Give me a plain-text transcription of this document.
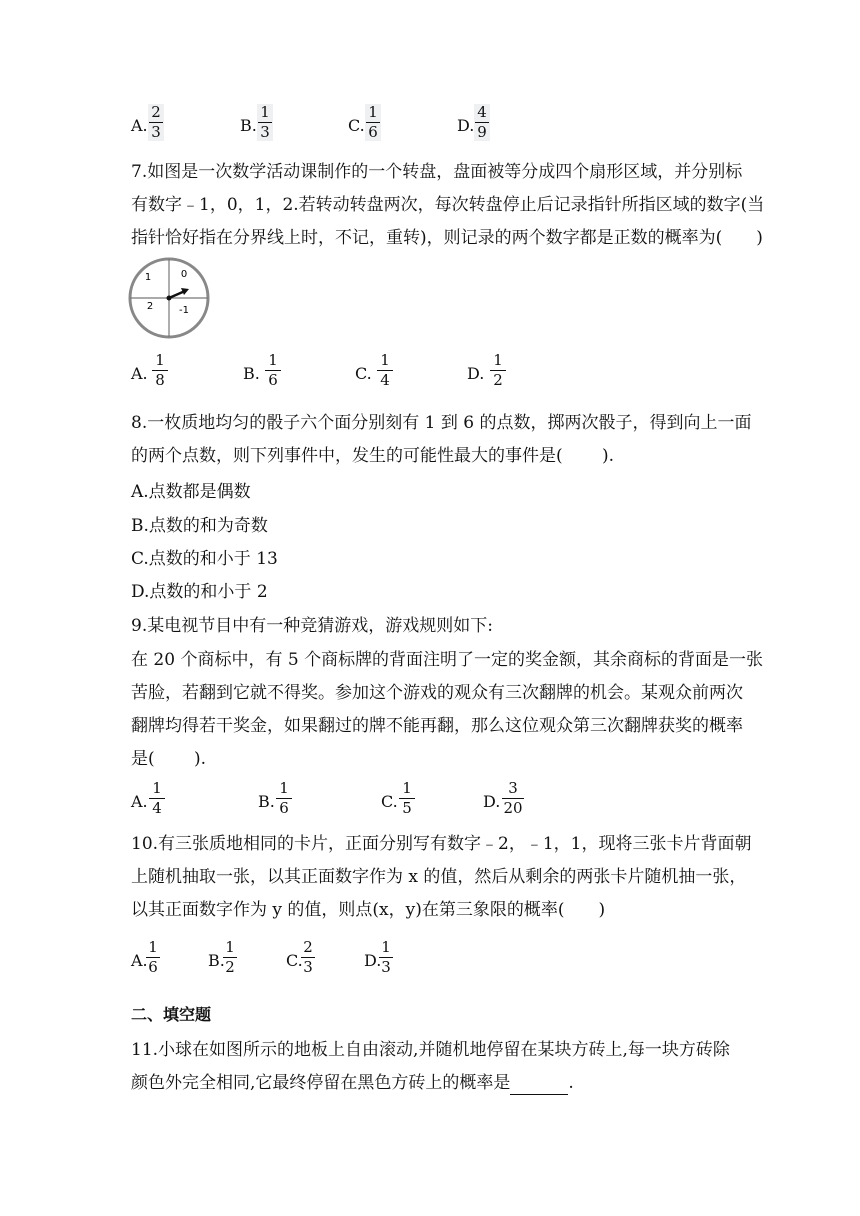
A.
2
3	B.
1
3	C.
1
6	D.
4
9
7.如图是一次数学活动课制作的一个转盘，盘面被等分成四个扇形区域，并分别标
有数字﹣1，0，1，2.若转动转盘两次，每次转盘停止后记录指针所指区域的数字(当
指针恰好指在分界线上时，不记，重转)，则记录的两个数字都是正数的概率为(　　)
1	0
2	-1
A.
1
8	B.
1
6	C.
1
4	D.
1
2
8.一枚质地均匀的骰子六个面分别刻有 1 到 6 的点数，掷两次骰子，得到向上一面
的两个点数，则下列事件中，发生的可能性最大的事件是(　　 ).
A.点数都是偶数
B.点数的和为奇数
C.点数的和小于 13
D.点数的和小于 2
9.某电视节目中有一种竞猜游戏，游戏规则如下:
在 20 个商标中，有 5 个商标牌的背面注明了一定的奖金额，其余商标的背面是一张
苦脸，若翻到它就不得奖。参加这个游戏的观众有三次翻牌的机会。某观众前两次
翻牌均得若干奖金，如果翻过的牌不能再翻，那么这位观众第三次翻牌获奖的概率
是(　　 ).
A.
1
4	B.
1
6	C.
1
5	D.
3
20
10.有三张质地相同的卡片，正面分别写有数字﹣2，﹣1，1，现将三张卡片背面朝
上随机抽取一张，以其正面数字作为 x 的值，然后从剩余的两张卡片随机抽一张，
以其正面数字作为 y 的值，则点(x，y)在第三象限的概率(　　)
A.
1
6	B.
1
2	C.
2
3	D.
1
3
二、填空题
11.小球在如图所示的地板上自由滚动,并随机地停留在某块方砖上,每一块方砖除
颜色外完全相同,它最终停留在黑色方砖上的概率是	.
